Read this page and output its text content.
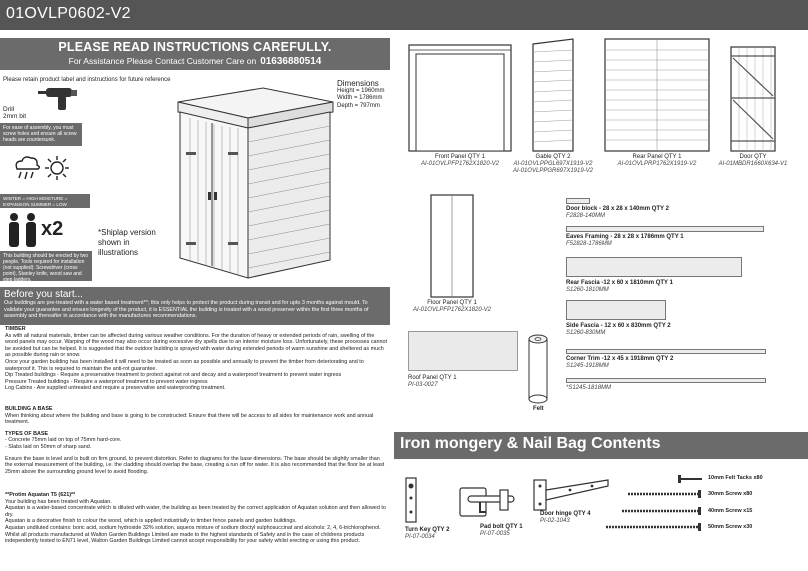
01OVLP0602-V2
PLEASE READ INSTRUCTIONS CAREFULLY.
For Assistance Please Contact Customer Care on 01636880514
Please retain product label and instructions for future reference
Drill
2mm bit
For ease of assembly, you must screw holes and ensure all screw heads are countersunk.
WINTER = HIGH MOISTURE = EXPANSION SUMMER = LOW MOISTURE = CONTRACTION
x2
This building should be erected by two people. Tools required for installation (not supplied): Screwdriver (cross point), Stanley knife, wood saw and step ladders.
Dimensions
Height = 1960mm
Width = 1786mm
Depth = 797mm
*Shiplap version shown in illustrations
Before you start...
Our buildings are pre-treated with a water based treatment**; this only helps to protect the product during transit and for upto 3 months against mould. To validate your guarantee and ensure longevity of the product, it is ESSENTIAL the building is treated with a wood preserver within the first three months of assembly and thereafter in accordance with the manufactures recommendations.
TIMBER
As with all natural materials, timber can be affected during various weather conditions. For the duration of heavy or extended periods of rain, swelling of the wood panels may occur. Warping of the wood may also occur during excessive dry spells due to an interior moisture loss. Unfortunately, these processes cannot be avoided but can be helped. It is suggested that the outdoor building is sprayed with water during extended periods of warm sunshine and sheltered as much as possible during rain or snow.
Once your garden building has been installed it will need to be treated as soon as possible and annually to prevent the timber from deteriorating and to waterproof it. This is required to maintain the anti-rot guarantee.
Dip Treated buildings - Require a preservative treatment to protect against rot and decay and a waterproof treatment to prevent water ingress
Pressure Treated buildings - Require a waterproof treatment to prevent water ingress
Log Cabins - Are supplied untreated and require a preservative and waterproofing treatment.
BUILDING A BASE
When thinking about where the building and base is going to be constructed: Ensure that there will be access to all sides for maintenance work and annual treatment.
TYPES OF BASE
- Concrete 75mm laid on top of 75mm hard-core.
- Slabs laid on 50mm of sharp sand.
Ensure the base is level and is built on firm ground, to prevent distortion. Refer to diagrams for the base dimensions. The base should be slightly smaller than the external measurement of the building, i.e. the cladding should overlap the base, creating a run off for water. It is also recommended that the floor be at least 25mm above the surrounding ground level to avoid flooding.
**Protim Aquatan T5 (621)**
Your building has been treated with Aquatan.
Aquatan is a water-based concentrate which is diluted with water, the building as been treated by the correct application of Aquatan solution and then allowed to dry.
Aquatan is a decorative finish to colour the wood, which is applied industrially to timber fence panels and garden buildings.
Aquatan undiluted contains: boric acid, sodium hydroxide 32% solution, aqueos mixture of sodium dioctyl sulphosuccinat and alcohols: 2, 4, 6-trichlorophenol.
Whilst all products manufactured at Walton Garden Buildings Limited are made to the highest standards of Safety and in the case of childrens products independently tested to EN71 level, Walton Garden Buildings Limited cannot accept responsibility for your safety whilst erecting or using this product.
Front Panel QTY 1
AI-01OVLPFP1762X1820-V2
Gable QTY 2
AI-01OVLPPGL697X1919-V2
AI-01OVLPPGR697X1919-V2
Rear Panel QTY 1
AI-01OVLPRP1762X1919-V2
Door QTY
AI-01MBDR1660X634-V1
Floor Panel QTY 1
AI-01OVLPFP1762X1820-V2
Roof Panel QTY 1
PI-03-0027
Felt
Door block - 28 x 28 x 140mm QTY 2
F2828-140MM
Eaves Framing - 28 x 28 x 1786mm QTY 1
F52828-1786MM
Rear Fascia -12 x 60 x 1810mm QTY 1
S1260-1810MM
Side Fascia - 12 x 60 x 830mm QTY 2
S1260-830MM
Corner Trim -12 x 45 x 1918mm QTY 2
S1245-1918MM
*S1245-1818MM
Iron mongery & Nail Bag Contents
Turn Key QTY 2
PI-07-0034
Pad bolt QTY 1
PI-07-0035
Door hinge QTY 4
PI-02-1043
10mm Felt Tacks x80
30mm Screw x80
40mm Screw x15
50mm Screw x30
